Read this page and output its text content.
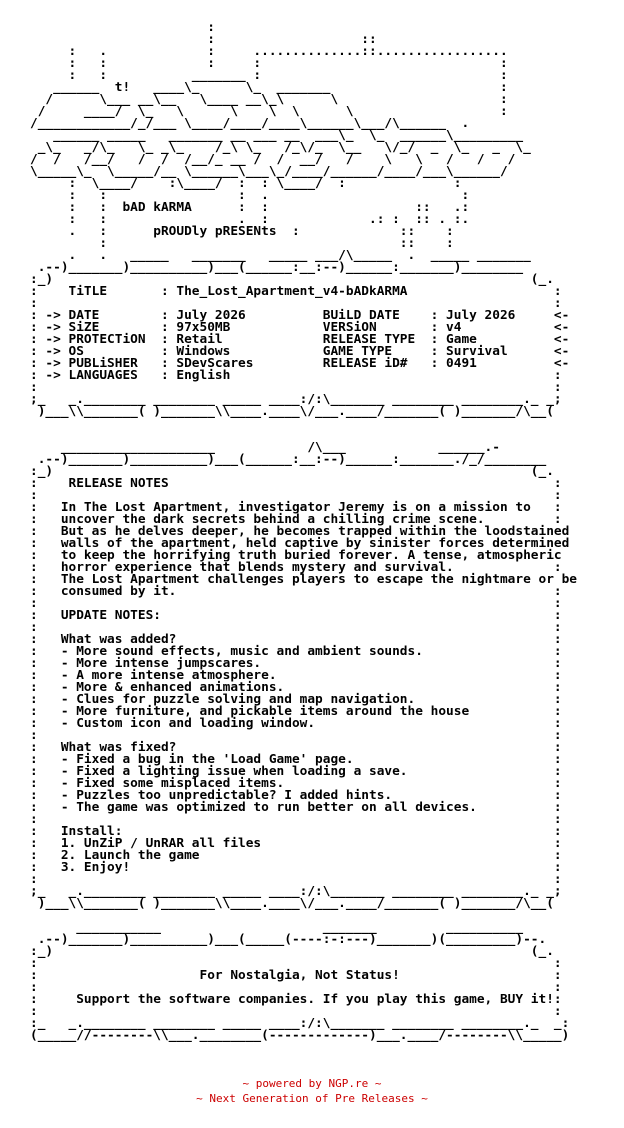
:
:                   ::
:   .             :     ..............::.................
:   :             :     :                               :
:   :           _______ :                               :
______  t!   ____\_      \_  _______                      :
/      \___ __\__   \____ __\_\      \                     :
/     ____/  \_   \      \    \  \      \                   :
/____________/_/___ \____/____/____\______\___/\______  .
______ _____   _______ __ ___ __  ___\_  \_  ______\_________
_\_   _/\_   \_ _\_    /_\ \_   /_\/_  \__   \/_/  _  \_   _  \_
/  /   /__/   /  /  /__/_ __ /  /  __/   /    \   \   /   /   /
\_____\_  \_____/__ \______\___\_/____/______/____/___\______/
:  \____/    :\____/  :  : \____/  :              :
:   :                 :  .                         :
:   :  bAD kARMA      :  :                   ::   .:
:   :                 .  :             .: :  :: . :.
.   :      pROUDly pRESENts  :             ::    :
:                                      ::    :
.   .   _____   _______   _____ ___/\_____  .  _____ _______
.--)_______)__________)___(______:__:--)______:_______)________
:_)                                                              (_.
:    TiTLE       : The_Lost_Apartment_v4-bADkARMA                   :
:                                                                   :
: -> DATE        : July 2026          BUiLD DATE    : July 2026     <-
: -> SiZE        : 97x50MB            VERSiON       : v4            <-
: -> PROTECTiON  : Retail             RELEASE TYPE  : Game          <-
: -> OS          : Windows            GAME TYPE     : Survival      <-
: -> PUBLiSHER   : SDevScares         RELEASE iD#   : 0491          <-
: -> LANGUAGES   : English                                          :
:                                                                   :
;_   _.________ ________ _____ ____:/:\_______ ________ ________._ _;
)___\\_______( )_______\\____.____\/___.____/_______( )_______/\__(

____________________            /\___            ______.-
.--)_______)__________)___(______:__:--)______:_______./_/________
:_)                                                              (_.
:    RELEASE NOTES                                                  :
:                                                                   :
:   In The Lost Apartment, investigator Jeremy is on a mission to   :
:   uncover the dark secrets behind a chilling crime scene.         :
:   But as he delves deeper, he becomes trapped within the loodstained
:   walls of the apartment, held captive by sinister forces determined
:   to keep the horrifying truth buried forever. A tense, atmospheric
:   horror experience that blends mystery and survival.             :
:   The Lost Apartment challenges players to escape the nightmare or be
:   consumed by it.                                                 :
:                                                                   :
:   UPDATE NOTES:                                                   :
:                                                                   :
:   What was added?                                                 :
:   - More sound effects, music and ambient sounds.                 :
:   - More intense jumpscares.                                      :
:   - A more intense atmosphere.                                    :
:   - More & enhanced animations.                                   :
:   - Clues for puzzle solving and map navigation.                  :
:   - More furniture, and pickable items around the house           :
:   - Custom icon and loading window.                               :
:                                                                   :
:   What was fixed?                                                 :
:   - Fixed a bug in the 'Load Game' page.                          :
:   - Fixed a lighting issue when loading a save.                   :
:   - Fixed some misplaced items.                                   :
:   - Puzzles too unpredictable? I added hints.                     :
:   - The game was optimized to run better on all devices.          :
:                                                                   :
:   Install:                                                        :
:   1. UnZiP / UnRAR all files                                      :
:   2. Launch the game                                              :
:   3. Enjoy!                                                       :
:                                                                   :
;_   _.________ ________ _____ ____:/:\_______ ________ ________._ _;
)___\\_______( )_______\\____.____\/___.____/_______( )_______/\__(

___________                     _______         __________
.--)_______)__________)___(_____(----:-:---)_______)(_________)--.
:_)                                                              (_.
:                                                                   :
:                     For Nostalgia, Not Status!                    :
:                                                                   :
:     Support the software companies. If you play this game, BUY it!:
:                                                                   :
:_   _.________ ________ _____ ____:/:\_______ ________ ________._  _:
(_____//--------\\___.________(-------------)___.____/--------\\_____)
~ powered by NGP.re ~
~ Next Generation of Pre Releases ~
